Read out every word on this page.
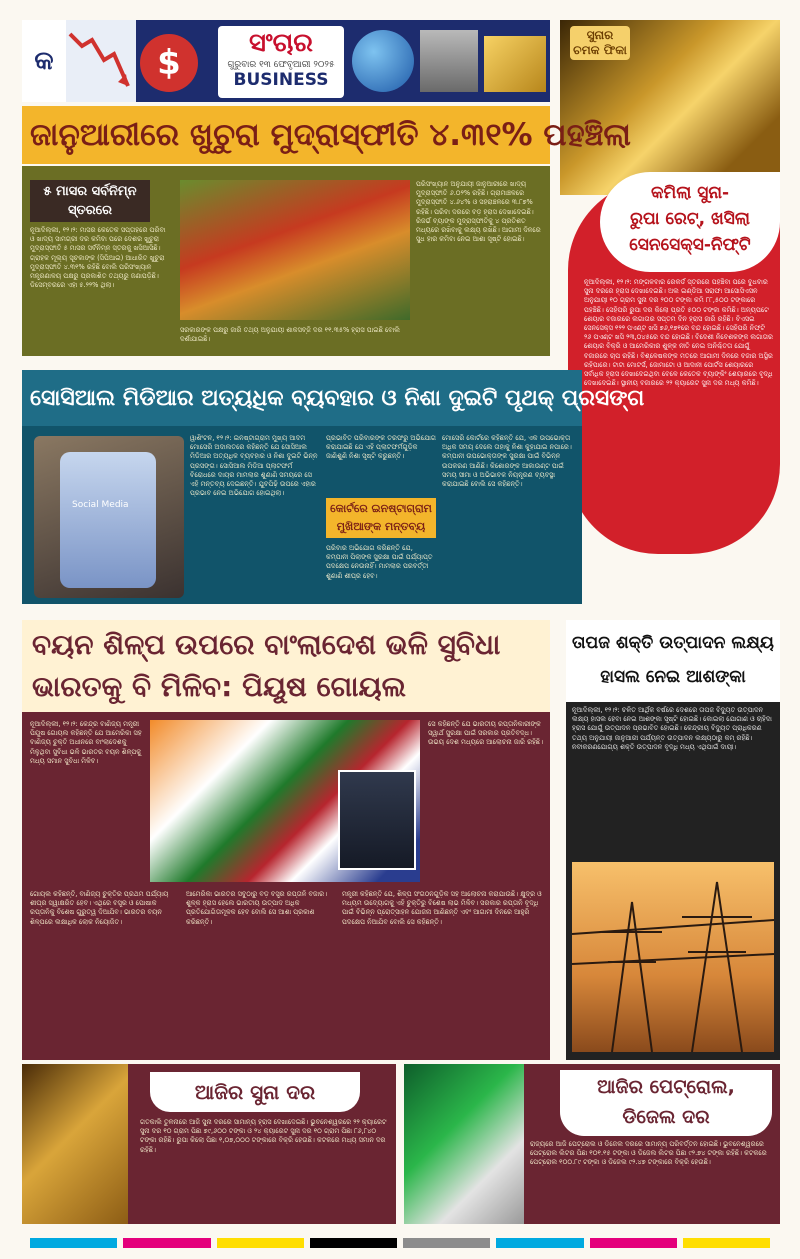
କ	$	ସଂଚାର
ଗୁରୁବାର ୧୩ ଫେବୃଆରୀ ୨୦୨୫
BUSINESS
ସୁନାର ଚମକ ଫିକା
ଜାନୁଆରୀରେ ଖୁଚୁରା ମୁଦ୍ରାସ୍ଫୀତି ୪.୩୧% ପହଞ୍ଚିଲା
୫ ମାସର ସର୍ବନିମ୍ନ ସ୍ତରରେ
ନୂଆଦିଲ୍ଲୀ, ୧୨।୨: ମାସର କେତେକ ସପ୍ତାହରେ ପରିବା ଓ ଖାଦ୍ୟ ସାମଗ୍ରୀ ଦର କମିବା ପରେ ଦେଶର ଖୁଚୁରା ମୁଦ୍ରାସ୍ଫୀତି ୫ ମାସର ସର୍ବନିମ୍ନ ସ୍ତରକୁ ଖସିଆସିଛି। ଗ୍ରାହକ ମୂଲ୍ୟ ସୂଚକାଙ୍କ (ସିପିଆଇ) ଆଧାରିତ ଖୁଚୁରା ମୁଦ୍ରାସ୍ଫୀତି ୪.୩୧% ରହିଛି ବୋଲି ପରିସଂଖ୍ୟାନ ମନ୍ତ୍ରଣାଳୟ ପକ୍ଷରୁ ପ୍ରକାଶିତ ତଥ୍ୟରୁ ଜଣାପଡ଼ିଛି। ଡିସେମ୍ବରରେ ଏହା ୫.୨୨% ଥିଲା।
ପରିସଂଖ୍ୟାନ ଅନୁଯାୟୀ ଜାନୁଆରୀରେ ଖାଦ୍ୟ ମୁଦ୍ରାସ୍ଫୀତି ୬.୦୨% ରହିଛି। ଗ୍ରାମାଞ୍ଚଳରେ ମୁଦ୍ରାସ୍ଫୀତି ୪.୬୪% ଓ ସହରାଞ୍ଚଳରେ ୩.୮୭% ରହିଛି। ପରିବା ଦରରେ ବଡ଼ ହ୍ରାସ ଦେଖାଦେଇଛି। ରିଜର୍ଭ ବ୍ୟାଙ୍କ ମୁଦ୍ରାସ୍ଫୀତିକୁ ୪ ପ୍ରତିଶତ ମଧ୍ୟରେ ରଖିବାକୁ ଲକ୍ଷ୍ୟ ରଖିଛି। ଆଗାମୀ ଦିନରେ ସୁଧ ହାର କମିବା ନେଇ ଆଶା ସୃଷ୍ଟି ହୋଇଛି।
ସରକାରଙ୍କ ପକ୍ଷରୁ ଜାରି ତଥ୍ୟ ଅନୁଯାୟୀ ଶାକସବ୍ଜି ଦର ୧୧.୩୫% ହ୍ରାସ ପାଇଛି ବୋଲି ଦର୍ଶାଯାଇଛି।
କମିଲା ସୁନା-
ରୁପା ରେଟ୍, ଖସିଲା
ସେନସେକ୍ସ-ନିଫ୍ଟି
ନୂଆଦିଲ୍ଲୀ, ୧୨।୨: ମଙ୍ଗଳବାର ରେକର୍ଡ ସ୍ତରରେ ପହଞ୍ଚିବା ପରେ ବୁଧବାର ସୁନା ଦରରେ ହ୍ରାସ ଦେଖାଦେଇଛି। ଅଲ ଇଣ୍ଡିଆ ସରାଫା ଆସୋସିଏସନ ଅନୁଯାୟୀ ୧୦ ଗ୍ରାମ ସୁନା ଦର ୨୦୦ ଟଙ୍କା କମି ୮୮,୫୦୦ ଟଙ୍କାରେ ପହଞ୍ଚିଛି। ସେହିପରି ରୁପା ଦର କିଲୋ ପ୍ରତି ୫୦୦ ଟଙ୍କା କମିଛି। ଅନ୍ୟପଟେ ଶେୟାର ବଜାରରେ ଲଗାତାର ସପ୍ତମ ଦିନ ହ୍ରାସ ଜାରି ରହିଛି। ବିଏସଇ ସେନସେକ୍ସ ୧୨୨ ପଏଣ୍ଟ ଖସି ୭୬,୧୭୧ରେ ବନ୍ଦ ହୋଇଛି। ସେହିପରି ନିଫ୍ଟି ୨୬ ପଏଣ୍ଟ ଖସି ୨୩,୦୪୫ରେ ବନ୍ଦ ହୋଇଛି। ବିଦେଶୀ ନିବେଶକଙ୍କ ଲଗାତାର ଶେୟାର ବିକ୍ରି ଓ ଆମେରିକାର ଶୁଳ୍କ ନୀତି ନେଇ ଅନିଶ୍ଚିତତା ଯୋଗୁଁ ବଜାରରେ ଚାପ ରହିଛି। ବିଶ୍ଳେଷକଙ୍କ ମତରେ ଆଗାମୀ ଦିନରେ ବଜାର ଅସ୍ଥିର ରହିପାରେ। ଟାଟା ମୋଟର୍ସ, ଜୋମାଟୋ ଓ ଆଦାନୀ ପୋର୍ଟସ ଶେୟାରରେ ସର୍ବାଧିକ ହ୍ରାସ ଦେଖାଦେଇଥିବା ବେଳେ କେତେକ ବ୍ୟାଙ୍କିଂ ଶେୟାରରେ ବୃଦ୍ଧି ଦେଖାଦେଇଛି। ସ୍ଥାନୀୟ ବଜାରରେ ୨୨ କ୍ୟାରେଟ ସୁନା ଦର ମଧ୍ୟ କମିଛି।
ସୋସିଆଲ ମିଡିଆର ଅତ୍ୟଧିକ ବ୍ୟବହାର ଓ ନିଶା ଦୁଇଟି ପୃଥକ୍ ପ୍ରସଙ୍ଗ
Social Media
ୱାଶିଂଟନ, ୧୨।୨: ଇନଷ୍ଟାଗ୍ରାମ ମୁଖ୍ୟ ଆଦମ ମୋସେରି ଅଦାଲତରେ କହିଛନ୍ତି ଯେ ସୋସିଆଲ ମିଡିଆର ଅତ୍ୟଧିକ ବ୍ୟବହାର ଓ ନିଶା ଦୁଇଟି ଭିନ୍ନ ପ୍ରସଙ୍ଗ। ସୋସିଆଲ ମିଡିଆ ପ୍ଲାଟଫର୍ମ ବିରୋଧରେ ଦାୟର ମାମଲାର ଶୁଣାଣି ସମୟରେ ସେ ଏହି ମନ୍ତବ୍ୟ ଦେଇଛନ୍ତି। ଯୁବପିଢ଼ି ଉପରେ ଏହାର ପ୍ରଭାବ ନେଇ ଅଭିଯୋଗ ହୋଇଥିଲା।
ପ୍ରଭାବିତ ପରିବାରଙ୍କ ତରଫରୁ ଅଭିଯୋଗ କରାଯାଇଛି ଯେ ଏହି ପ୍ଲାଟଫର୍ମଗୁଡ଼ିକ ଜାଣିଶୁଣି ନିଶା ସୃଷ୍ଟି କରୁଛନ୍ତି।
କୋର୍ଟରେ ଇନଷ୍ଟାଗ୍ରାମ
ମୁଖିଆଙ୍କ ମନ୍ତବ୍ୟ
ପରିବାର ଅଭିଯୋଗ କରିଛନ୍ତି ଯେ, କମ୍ପାନୀ ପିଲାଙ୍କ ସୁରକ୍ଷା ପାଇଁ ପର୍ଯ୍ୟାପ୍ତ ପଦକ୍ଷେପ ନେଉନାହିଁ। ମାମଲାର ପରବର୍ତ୍ତୀ ଶୁଣାଣି ଶୀଘ୍ର ହେବ।
ମୋସେରି କୋର୍ଟରେ କହିଛନ୍ତି ଯେ, ଏକ ଉପଭୋକ୍ତା ଅଧିକ ସମୟ ଦେଲେ ତାହାକୁ ନିଶା କୁହାଯାଇ ନପାରେ। କମ୍ପାନୀ ଉପଭୋକ୍ତାଙ୍କ ସୁରକ୍ଷା ପାଇଁ ବିଭିନ୍ନ ଉପକରଣ ଆଣିଛି। କିଶୋରଙ୍କ ଆକାଉଣ୍ଟ ପାଇଁ ସମୟ ସୀମା ଓ ଅଭିଭାବକ ନିୟନ୍ତ୍ରଣ ବ୍ୟବସ୍ଥା କରାଯାଇଛି ବୋଲି ସେ କହିଛନ୍ତି।
ବୟନ ଶିଳ୍ପ ଉପରେ ବାଂଲାଦେଶ ଭଳି ସୁବିଧା
ଭାରତକୁ ବି ମିଳିବ: ପିୟୂଷ ଗୋୟଲ
ନୂଆଦିଲ୍ଲୀ, ୧୨।୨: କେନ୍ଦ୍ର ବାଣିଜ୍ୟ ମନ୍ତ୍ରୀ ପିୟୂଷ ଗୋୟଲ କହିଛନ୍ତି ଯେ ଆମେରିକା ସହ ବାଣିଜ୍ୟ ଚୁକ୍ତି ଅଧୀନରେ ବାଂଲାଦେଶକୁ ମିଳୁଥିବା ସୁବିଧା ଭଳି ଭାରତର ବୟନ ଶିଳ୍ପକୁ ମଧ୍ୟ ସମାନ ସୁବିଧା ମିଳିବ।
ସେ କହିଛନ୍ତି ଯେ ଭାରତୀୟ ରପ୍ତାନିକାରୀଙ୍କ ସ୍ୱାର୍ଥ ସୁରକ୍ଷା ପାଇଁ ସରକାର ପ୍ରତିବଦ୍ଧ। ଉଭୟ ଦେଶ ମଧ୍ୟରେ ଆଲୋଚନା ଜାରି ରହିଛି।
ଗୋୟଲ କହିଛନ୍ତି, ବାଣିଜ୍ୟ ଚୁକ୍ତିର ପ୍ରଥମ ପର୍ଯ୍ୟାୟ ଶୀଘ୍ର ସ୍ୱାକ୍ଷରିତ ହେବ। ଏଥିରେ ବସ୍ତ୍ର ଓ ପୋଷାକ ରପ୍ତାନିକୁ ବିଶେଷ ଗୁରୁତ୍ୱ ଦିଆଯିବ। ଭାରତର ବୟନ ଶିଳ୍ପରେ ଲକ୍ଷାଧିକ ଲୋକ ନିୟୋଜିତ।
ଆମେରିକା ଭାରତର ସବୁଠାରୁ ବଡ଼ ବସ୍ତ୍ର ରପ୍ତାନି ବଜାର। ଶୁଳ୍କ ହ୍ରାସ ହେଲେ ଭାରତୀୟ ଉତ୍ପାଦ ଅଧିକ ପ୍ରତିଯୋଗିତାମୂଳକ ହେବ ବୋଲି ସେ ଆଶା ପ୍ରକାଶ କରିଛନ୍ତି।
ମନ୍ତ୍ରୀ କହିଛନ୍ତି ଯେ, ଶିଳ୍ପ ସଂଗଠନଗୁଡ଼ିକ ସହ ଆଲୋଚନା କରାଯାଉଛି। କ୍ଷୁଦ୍ର ଓ ମଧ୍ୟମ ଉଦ୍ୟୋଗକୁ ଏହି ଚୁକ୍ତିରୁ ବିଶେଷ ଲାଭ ମିଳିବ। ସରକାର ରପ୍ତାନି ବୃଦ୍ଧି ପାଇଁ ବିଭିନ୍ନ ପ୍ରୋତ୍ସାହନ ଯୋଜନା ଆଣିଛନ୍ତି ଏବଂ ଆଗାମୀ ଦିନରେ ଆହୁରି ପଦକ୍ଷେପ ନିଆଯିବ ବୋଲି ସେ କହିଛନ୍ତି।
ତାପଜ ଶକ୍ତି ଉତ୍ପାଦନ ଲକ୍ଷ୍ୟ
ହାସଲ ନେଇ ଆଶଙ୍କା
ନୂଆଦିଲ୍ଲୀ, ୧୨।୨: ଚଳିତ ଆର୍ଥିକ ବର୍ଷରେ ଦେଶରେ ତାପଜ ବିଦ୍ୟୁତ ଉତ୍ପାଦନ ଲକ୍ଷ୍ୟ ହାସଲ ହେବା ନେଇ ଆଶଙ୍କା ସୃଷ୍ଟି ହୋଇଛି। କୋଇଲା ଯୋଗାଣ ଓ ଚାହିଦା ହ୍ରାସ ଯୋଗୁଁ ଉତ୍ପାଦନ ପ୍ରଭାବିତ ହୋଇଛି। କେନ୍ଦ୍ରୀୟ ବିଦ୍ୟୁତ ପ୍ରାଧିକରଣ ତଥ୍ୟ ଅନୁଯାୟୀ ଜାନୁଆରୀ ପର୍ଯ୍ୟନ୍ତ ଉତ୍ପାଦନ ଲକ୍ଷ୍ୟଠାରୁ କମ୍ ରହିଛି। ନବୀକରଣଯୋଗ୍ୟ ଶକ୍ତି ଉତ୍ପାଦନ ବୃଦ୍ଧି ମଧ୍ୟ ଏଥିପାଇଁ ଦାୟୀ।
ଆଜିର ସୁନା ଦର
ଗତକାଲି ତୁଳନାରେ ଆଜି ସୁନା ଦରରେ ସାମାନ୍ୟ ହ୍ରାସ ଦେଖାଦେଇଛି। ଭୁବନେଶ୍ୱରରେ ୨୨ କ୍ୟାରେଟ ସୁନା ଦର ୧୦ ଗ୍ରାମ ପିଛା ୭୯,୬୦୦ ଟଙ୍କା ଓ ୨୪ କ୍ୟାରେଟ ସୁନା ଦର ୧୦ ଗ୍ରାମ ପିଛା ୮୬,୮୪୦ ଟଙ୍କା ରହିଛି। ରୁପା କିଲୋ ପିଛା ୧,୦୭,୦୦୦ ଟଙ୍କାରେ ବିକ୍ରି ହେଉଛି। କଟକରେ ମଧ୍ୟ ସମାନ ଦର ରହିଛି।
ଆଜିର ପେଟ୍ରୋଲ,
ଡିଜେଲ ଦର
ରାଜ୍ୟରେ ଆଜି ପେଟ୍ରୋଲ ଓ ଡିଜେଲ ଦରରେ ସାମାନ୍ୟ ପରିବର୍ତ୍ତନ ହୋଇଛି। ଭୁବନେଶ୍ୱରରେ ପେଟ୍ରୋଲ ଲିଟର ପିଛା ୧୦୧.୧୫ ଟଙ୍କା ଓ ଡିଜେଲ ଲିଟର ପିଛା ୯୨.୭୪ ଟଙ୍କା ରହିଛି। କଟକରେ ପେଟ୍ରୋଲ ୧୦୦.୮୯ ଟଙ୍କା ଓ ଡିଜେଲ ୯୨.୪୭ ଟଙ୍କାରେ ବିକ୍ରି ହେଉଛି।
